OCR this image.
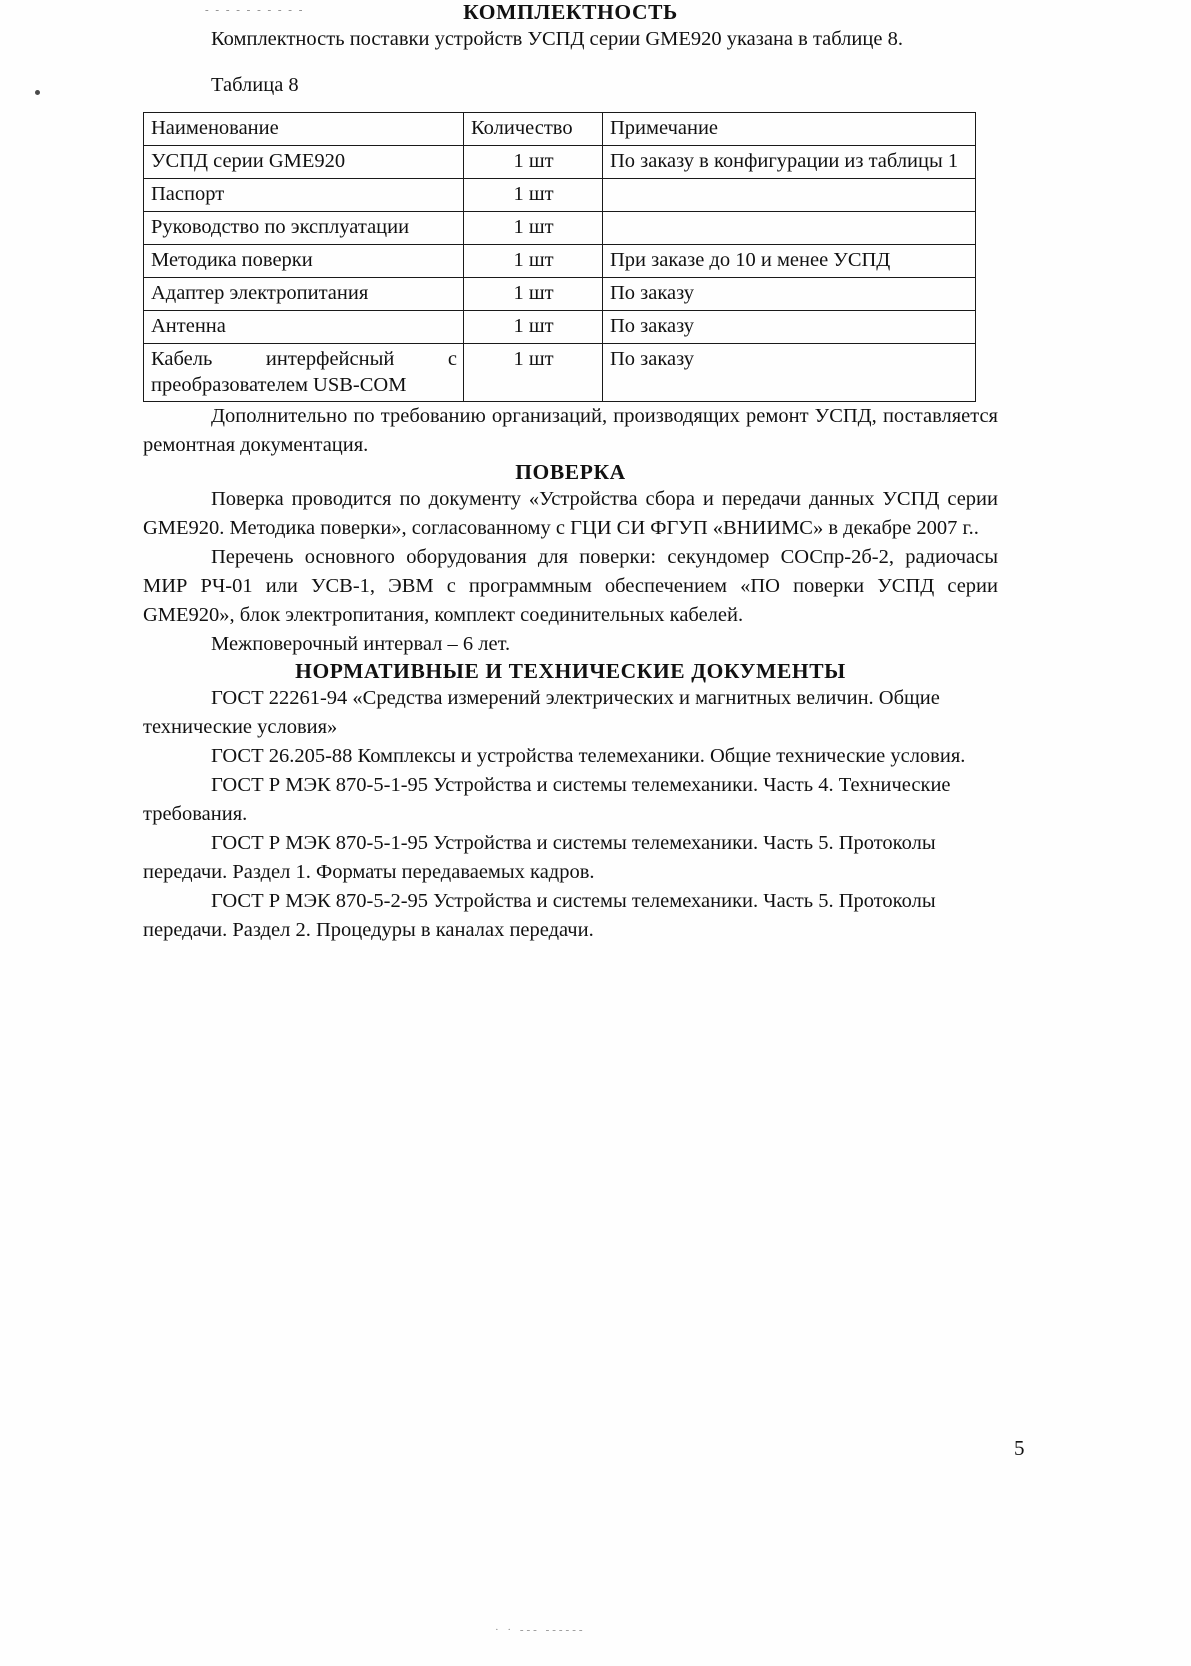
- - - - - - - - - -	КОМПЛЕКТНОСТЬ

Комплектность поставки устройств УСПД серии GME920 указана в таблице 8.

Таблица 8
Наименование	Количество	Примечание
УСПД серии GME920	1 шт	По заказу в конфигурации из таблицы 1
Паспорт	1 шт	
Руководство по эксплуатации	1 шт	
Методика поверки	1 шт	При заказе до 10 и менее УСПД
Адаптер электропитания	1 шт	По заказу
Антенна	1 шт	По заказу

Кабель интерфейсный с
преобразователем USB-COM	1 шт	По заказу

Дополнительно по требованию организаций, производящих ремонт УСПД, поставляется ремонтная документация.

ПОВЕРКА

Поверка проводится по документу «Устройства сбора и передачи данных УСПД серии GME920. Методика поверки», согласованному с ГЦИ СИ ФГУП «ВНИИМС» в декабре 2007 г..

Перечень основного оборудования для поверки: секундомер СОСпр-2б-2, радиочасы МИР РЧ-01 или УСВ-1, ЭВМ с программным обеспечением «ПО поверки УСПД серии GME920», блок электропитания, комплект соединительных кабелей.

Межповерочный интервал – 6 лет.

НОРМАТИВНЫЕ И ТЕХНИЧЕСКИЕ ДОКУМЕНТЫ

ГОСТ 22261-94 «Средства измерений электрических и магнитных величин. Общие технические условия»

ГОСТ 26.205-88 Комплексы и устройства телемеханики. Общие технические условия.

ГОСТ Р МЭК 870-5-1-95 Устройства и системы телемеханики. Часть 4. Технические требования.

ГОСТ Р МЭК 870-5-1-95 Устройства и системы телемеханики. Часть 5. Протоколы передачи. Раздел 1. Форматы передаваемых кадров.

ГОСТ Р МЭК 870-5-2-95 Устройства и системы телемеханики. Часть 5. Протоколы передачи. Раздел 2. Процедуры в каналах передачи.

5
· · --- ------
